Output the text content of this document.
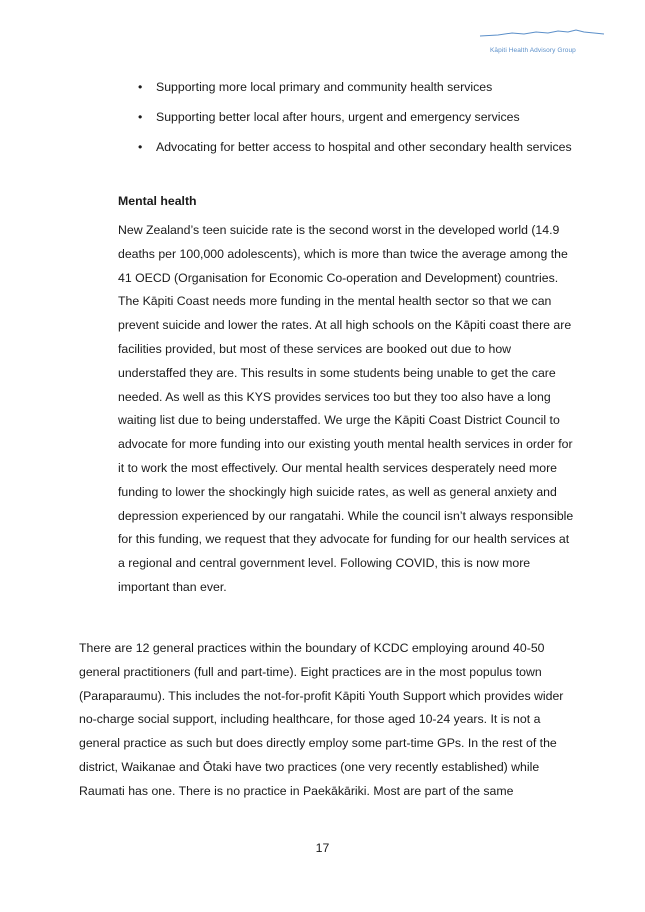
Kāpiti Health Advisory Group
• Supporting more local primary and community health services
• Supporting better local after hours, urgent and emergency services
• Advocating for better access to hospital and other secondary health services
Mental health

New Zealand’s teen suicide rate is the second worst in the developed world (14.9 deaths per 100,000 adolescents), which is more than twice the average among the 41 OECD (Organisation for Economic Co-operation and Development) countries. The Kāpiti Coast needs more funding in the mental health sector so that we can prevent suicide and lower the rates. At all high schools on the Kāpiti coast there are facilities provided, but most of these services are booked out due to how understaffed they are. This results in some students being unable to get the care needed. As well as this KYS provides services too but they too also have a long waiting list due to being understaffed. We urge the Kāpiti Coast District Council to advocate for more funding into our existing youth mental health services in order for it to work the most effectively. Our mental health services desperately need more funding to lower the shockingly high suicide rates, as well as general anxiety and depression experienced by our rangatahi. While the council isn’t always responsible for this funding, we request that they advocate for funding for our health services at a regional and central government level. Following COVID, this is now more important than ever.

There are 12 general practices within the boundary of KCDC employing around 40-50 general practitioners (full and part-time). Eight practices are in the most populus town (Paraparaumu). This includes the not-for-profit Kāpiti Youth Support which provides wider no-charge social support, including healthcare, for those aged 10-24 years. It is not a general practice as such but does directly employ some part-time GPs. In the rest of the district, Waikanae and Ōtaki have two practices (one very recently established) while Raumati has one. There is no practice in Paekākāriki. Most are part of the same

17
